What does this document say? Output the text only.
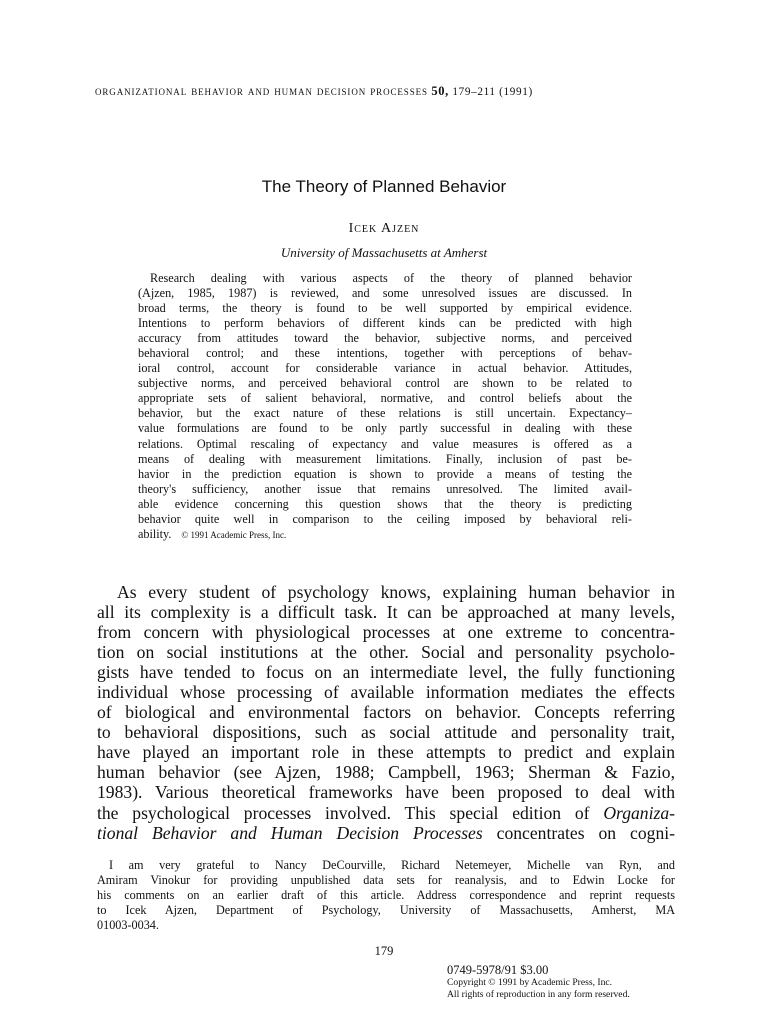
organizational behavior and human decision processes 50, 179–211 (1991)
The Theory of Planned Behavior
Icek Ajzen
University of Massachusetts at Amherst
Research dealing with various aspects of the theory of planned behavior
(Ajzen, 1985, 1987) is reviewed, and some unresolved issues are discussed. In
broad terms, the theory is found to be well supported by empirical evidence.
Intentions to perform behaviors of different kinds can be predicted with high
accuracy from attitudes toward the behavior, subjective norms, and perceived
behavioral control; and these intentions, together with perceptions of behav-
ioral control, account for considerable variance in actual behavior. Attitudes,
subjective norms, and perceived behavioral control are shown to be related to
appropriate sets of salient behavioral, normative, and control beliefs about the
behavior, but the exact nature of these relations is still uncertain. Expectancy–
value formulations are found to be only partly successful in dealing with these
relations. Optimal rescaling of expectancy and value measures is offered as a
means of dealing with measurement limitations. Finally, inclusion of past be-
havior in the prediction equation is shown to provide a means of testing the
theory's sufficiency, another issue that remains unresolved. The limited avail-
able evidence concerning this question shows that the theory is predicting
behavior quite well in comparison to the ceiling imposed by behavioral reli-
ability. © 1991 Academic Press, Inc.
As every student of psychology knows, explaining human behavior in
all its complexity is a difficult task. It can be approached at many levels,
from concern with physiological processes at one extreme to concentra-
tion on social institutions at the other. Social and personality psycholo-
gists have tended to focus on an intermediate level, the fully functioning
individual whose processing of available information mediates the effects
of biological and environmental factors on behavior. Concepts referring
to behavioral dispositions, such as social attitude and personality trait,
have played an important role in these attempts to predict and explain
human behavior (see Ajzen, 1988; Campbell, 1963; Sherman & Fazio,
1983). Various theoretical frameworks have been proposed to deal with
the psychological processes involved. This special edition of Organiza-
tional Behavior and Human Decision Processes concentrates on cogni-
I am very grateful to Nancy DeCourville, Richard Netemeyer, Michelle van Ryn, and
Amiram Vinokur for providing unpublished data sets for reanalysis, and to Edwin Locke for
his comments on an earlier draft of this article. Address correspondence and reprint requests
to Icek Ajzen, Department of Psychology, University of Massachusetts, Amherst, MA
01003-0034.
179
0749-5978/91 $3.00
Copyright © 1991 by Academic Press, Inc.
All rights of reproduction in any form reserved.
